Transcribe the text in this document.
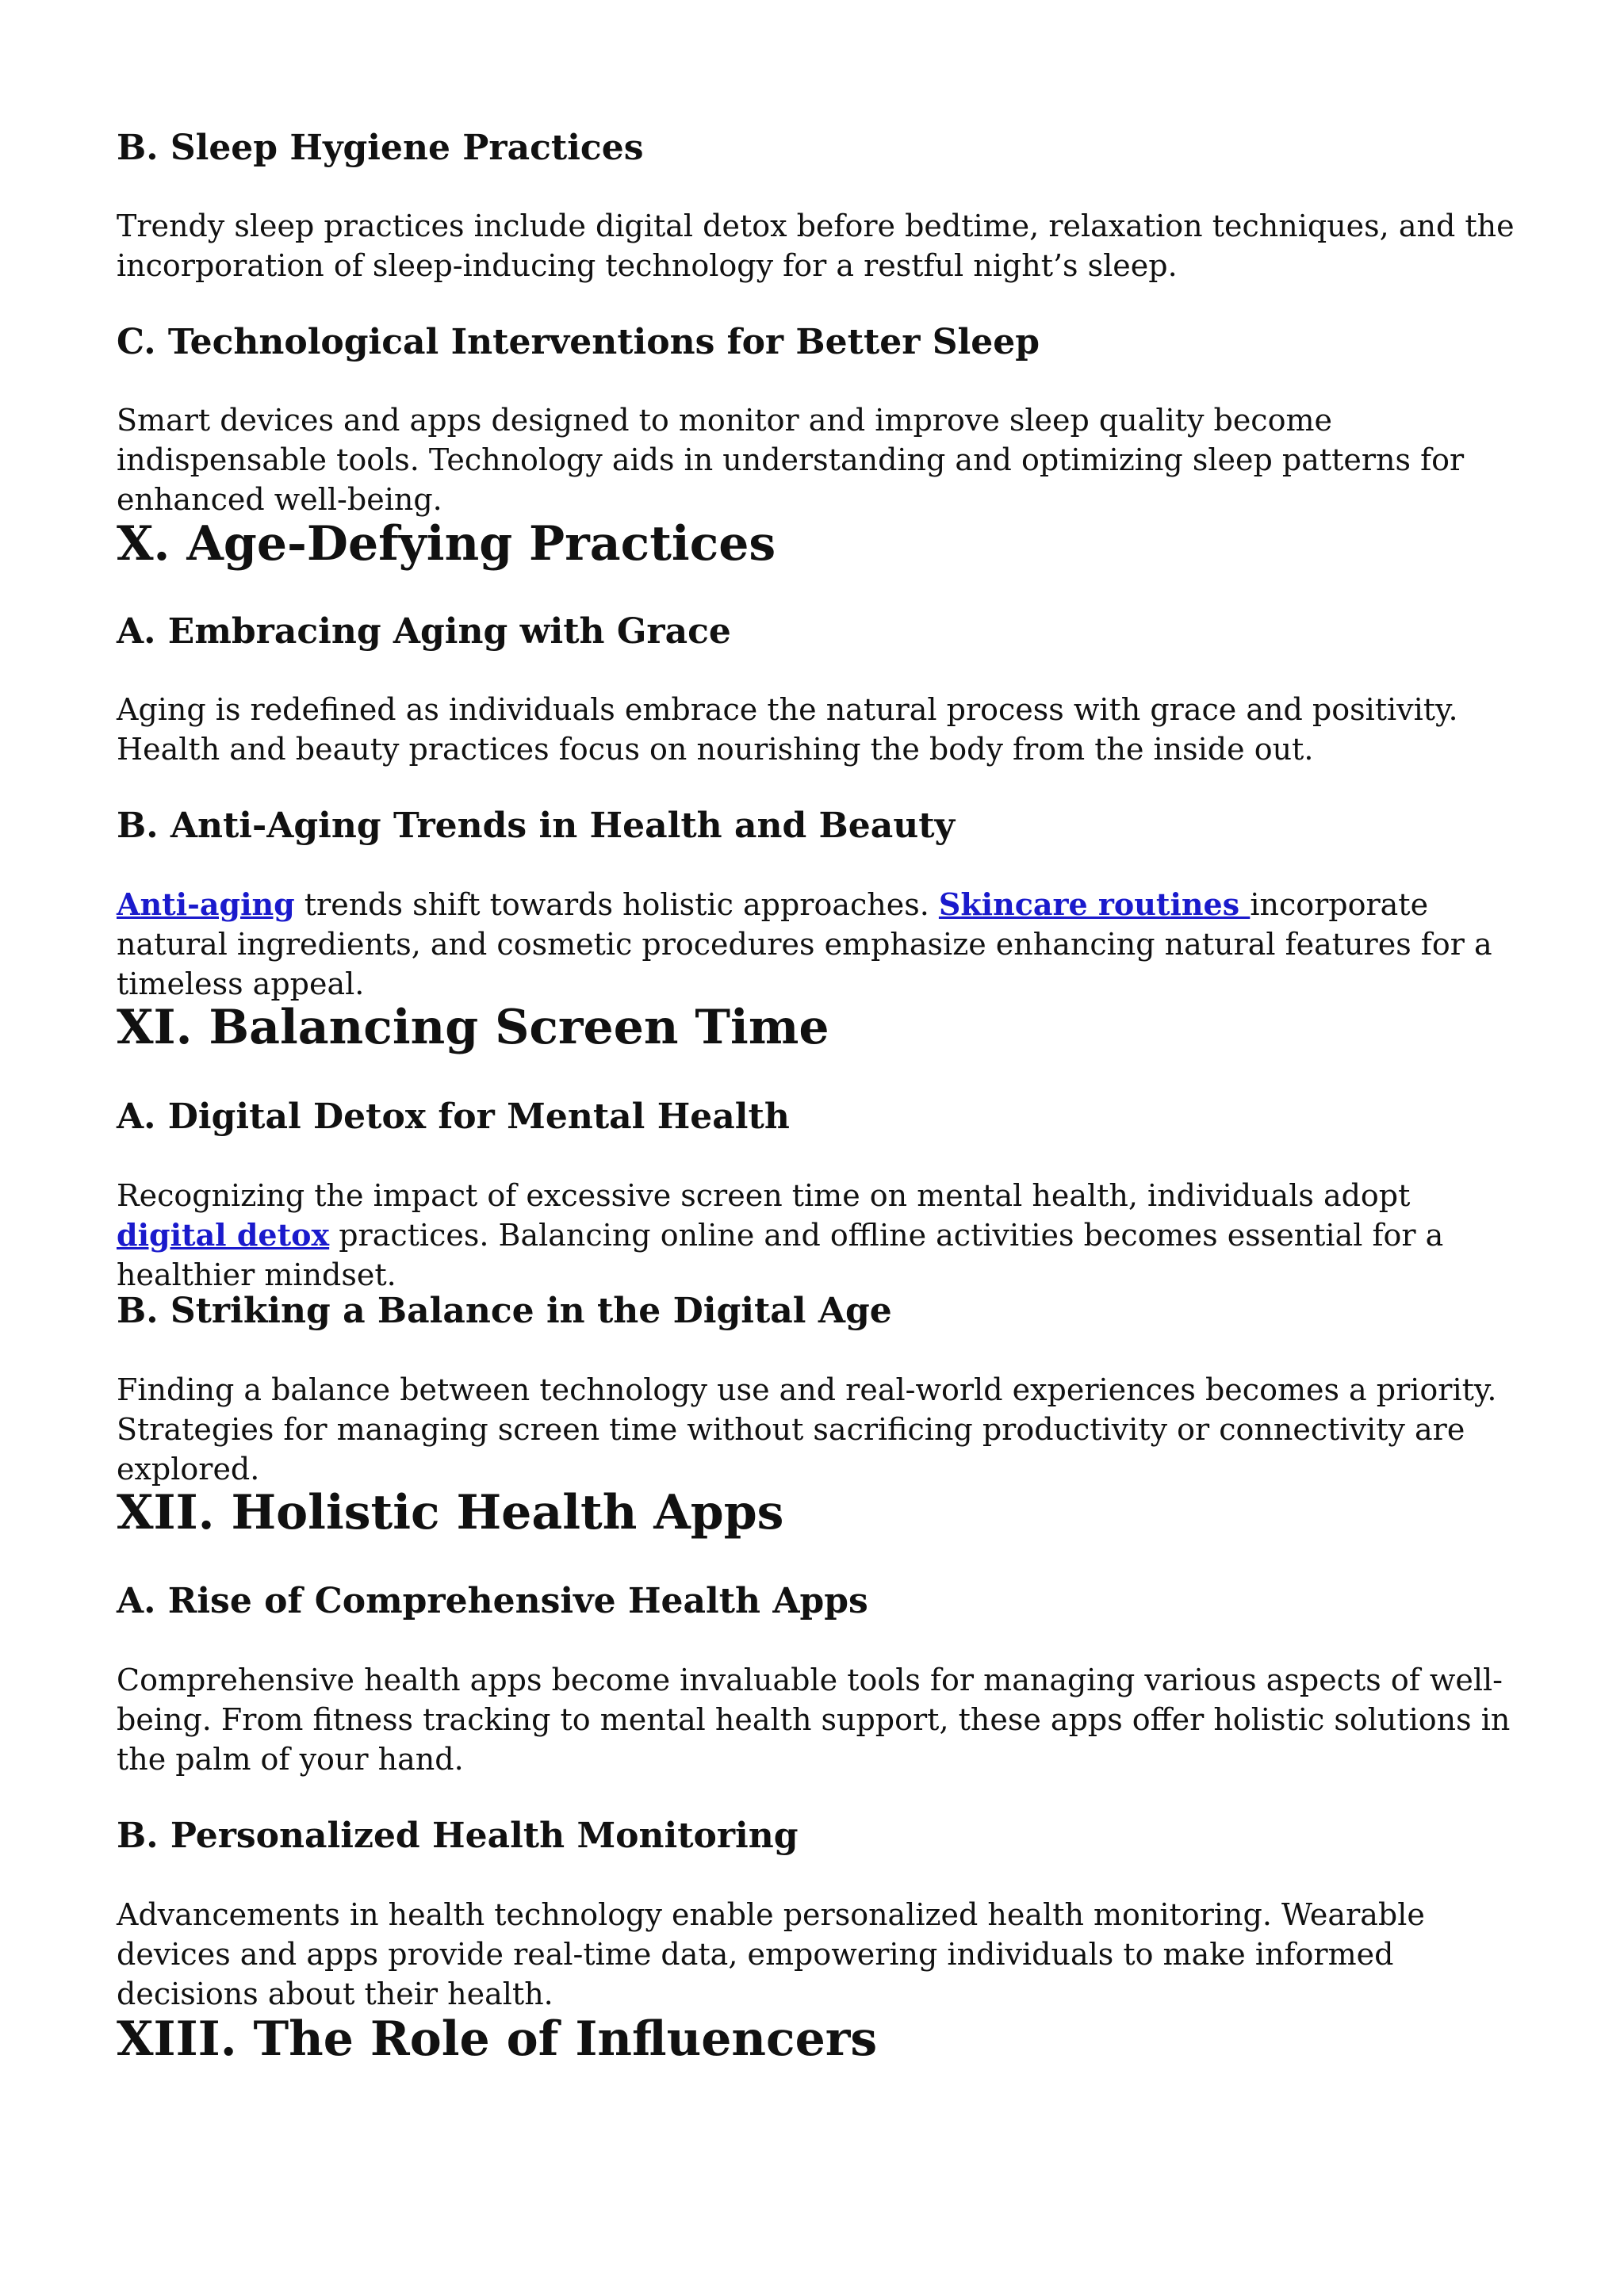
B. Sleep Hygiene Practices

Trendy sleep practices include digital detox before bedtime, relaxation techniques, and the incorporation of sleep-inducing technology for a restful night’s sleep.

C. Technological Interventions for Better Sleep

Smart devices and apps designed to monitor and improve sleep quality become indispensable tools. Technology aids in understanding and optimizing sleep patterns for enhanced well-being.

X. Age-Defying Practices
A. Embracing Aging with Grace

Aging is redefined as individuals embrace the natural process with grace and positivity. Health and beauty practices focus on nourishing the body from the inside out.

B. Anti-Aging Trends in Health and Beauty

Anti-aging trends shift towards holistic approaches. Skincare routines incorporate natural ingredients, and cosmetic procedures emphasize enhancing natural features for a timeless appeal.

XI. Balancing Screen Time
A. Digital Detox for Mental Health

Recognizing the impact of excessive screen time on mental health, individuals adopt digital detox practices. Balancing online and offline activities becomes essential for a healthier mindset.

B. Striking a Balance in the Digital Age

Finding a balance between technology use and real-world experiences becomes a priority. Strategies for managing screen time without sacrificing productivity or connectivity are explored.

XII. Holistic Health Apps
A. Rise of Comprehensive Health Apps

Comprehensive health apps become invaluable tools for managing various aspects of well-being. From fitness tracking to mental health support, these apps offer holistic solutions in the palm of your hand.

B. Personalized Health Monitoring

Advancements in health technology enable personalized health monitoring. Wearable devices and apps provide real-time data, empowering individuals to make informed decisions about their health.

XIII. The Role of Influencers
